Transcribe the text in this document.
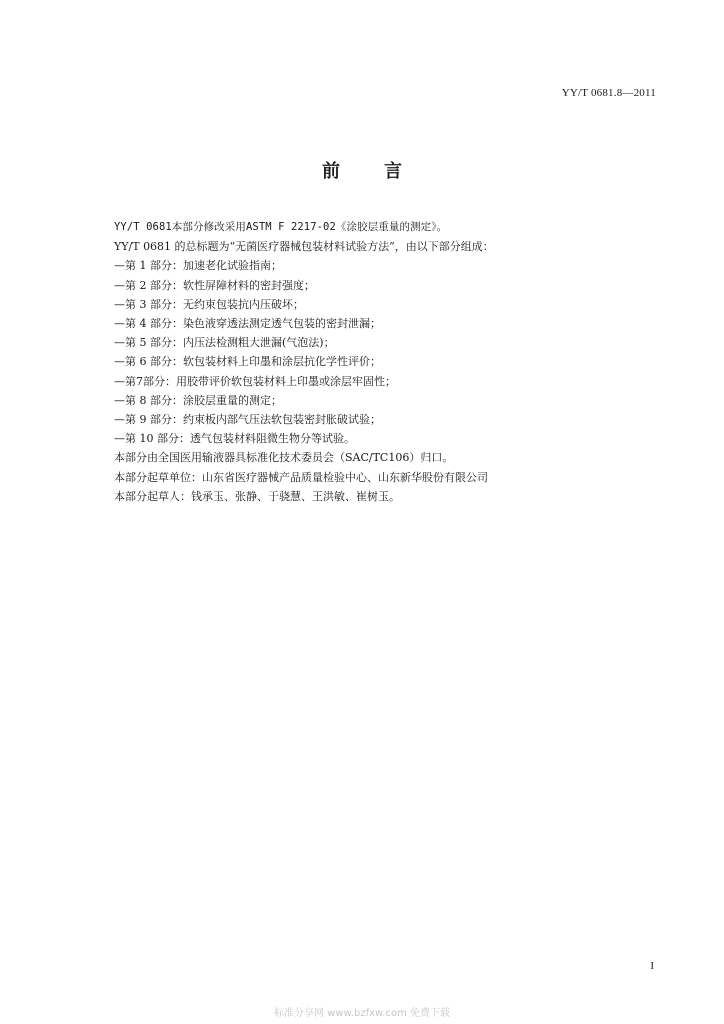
YY/T 0681.8—2011
前 言
YY/T 0681本部分修改采用ASTM F 2217-02《涂胶层重量的测定》。
YY/T 0681 的总标题为“无菌医疗器械包装材料试验方法”，由以下部分组成：
—第 1 部分：加速老化试验指南；
—第 2 部分：软性屏障材料的密封强度；
—第 3 部分：无约束包装抗内压破坏；
—第 4 部分：染色液穿透法测定透气包装的密封泄漏；
—第 5 部分：内压法检测粗大泄漏(气泡法)；
—第 6 部分：软包装材料上印墨和涂层抗化学性评价；
—第7部分：用胶带评价软包装材料上印墨或涂层牢固性；
—第 8 部分：涂胶层重量的测定；
—第 9 部分：约束板内部气压法软包装密封胀破试验；
—第 10 部分：透气包装材料阻微生物分等试验。
本部分由全国医用输液器具标准化技术委员会（SAC/TC106）归口。
本部分起草单位：山东省医疗器械产品质量检验中心、山东新华股份有限公司
本部分起草人：钱承玉、张静、于骁慧、王洪敏、崔树玉。
I
标准分享网 www.bzfxw.com 免费下载
